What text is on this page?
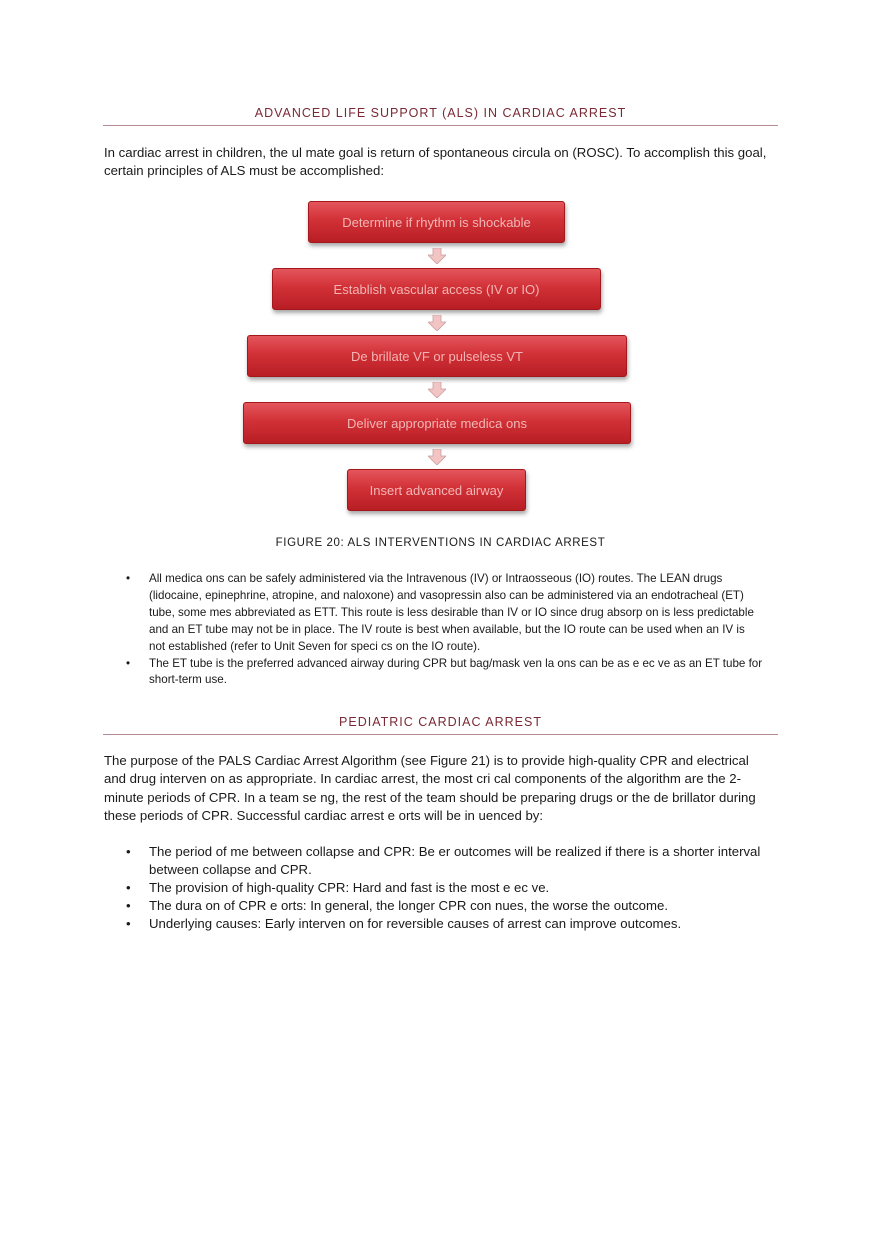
ADVANCED LIFE SUPPORT (ALS) IN CARDIAC ARREST

In cardiac arrest in children, the ul mate goal is return of spontaneous circula on (ROSC). To accomplish this goal, certain principles of ALS must be accomplished:

Determine if rhythm is shockable
Establish vascular access (IV or IO)
De brillate VF or pulseless VT
Deliver appropriate medica ons
Insert advanced airway
FIGURE 20: ALS INTERVENTIONS IN CARDIAC ARREST
• All medica ons can be safely administered via the Intravenous (IV) or Intraosseous (IO) routes. The LEAN drugs (lidocaine, epinephrine, atropine, and naloxone) and vasopressin also can be administered via an endotracheal (ET) tube, some mes abbreviated as ETT. This route is less desirable than IV or IO since drug absorp on is less predictable and an ET tube may not be in place. The IV route is best when available, but the IO route can be used when an IV is not established (refer to Unit Seven for speci cs on the IO route).
• The ET tube is the preferred advanced airway during CPR but bag/mask ven la ons can be as e ec ve as an ET tube for short-term use.
PEDIATRIC CARDIAC ARREST

The purpose of the PALS Cardiac Arrest Algorithm (see Figure 21) is to provide high-quality CPR and electrical and drug interven on as appropriate. In cardiac arrest, the most cri cal components of the algorithm are the 2-minute periods of CPR. In a team se ng, the rest of the team should be preparing drugs or the de brillator during these periods of CPR. Successful cardiac arrest e orts will be in uenced by:

• The period of me between collapse and CPR: Be er outcomes will be realized if there is a shorter interval between collapse and CPR.
• The provision of high-quality CPR: Hard and fast is the most e ec ve.
• The dura on of CPR e orts: In general, the longer CPR con nues, the worse the outcome.
• Underlying causes: Early interven on for reversible causes of arrest can improve outcomes.
